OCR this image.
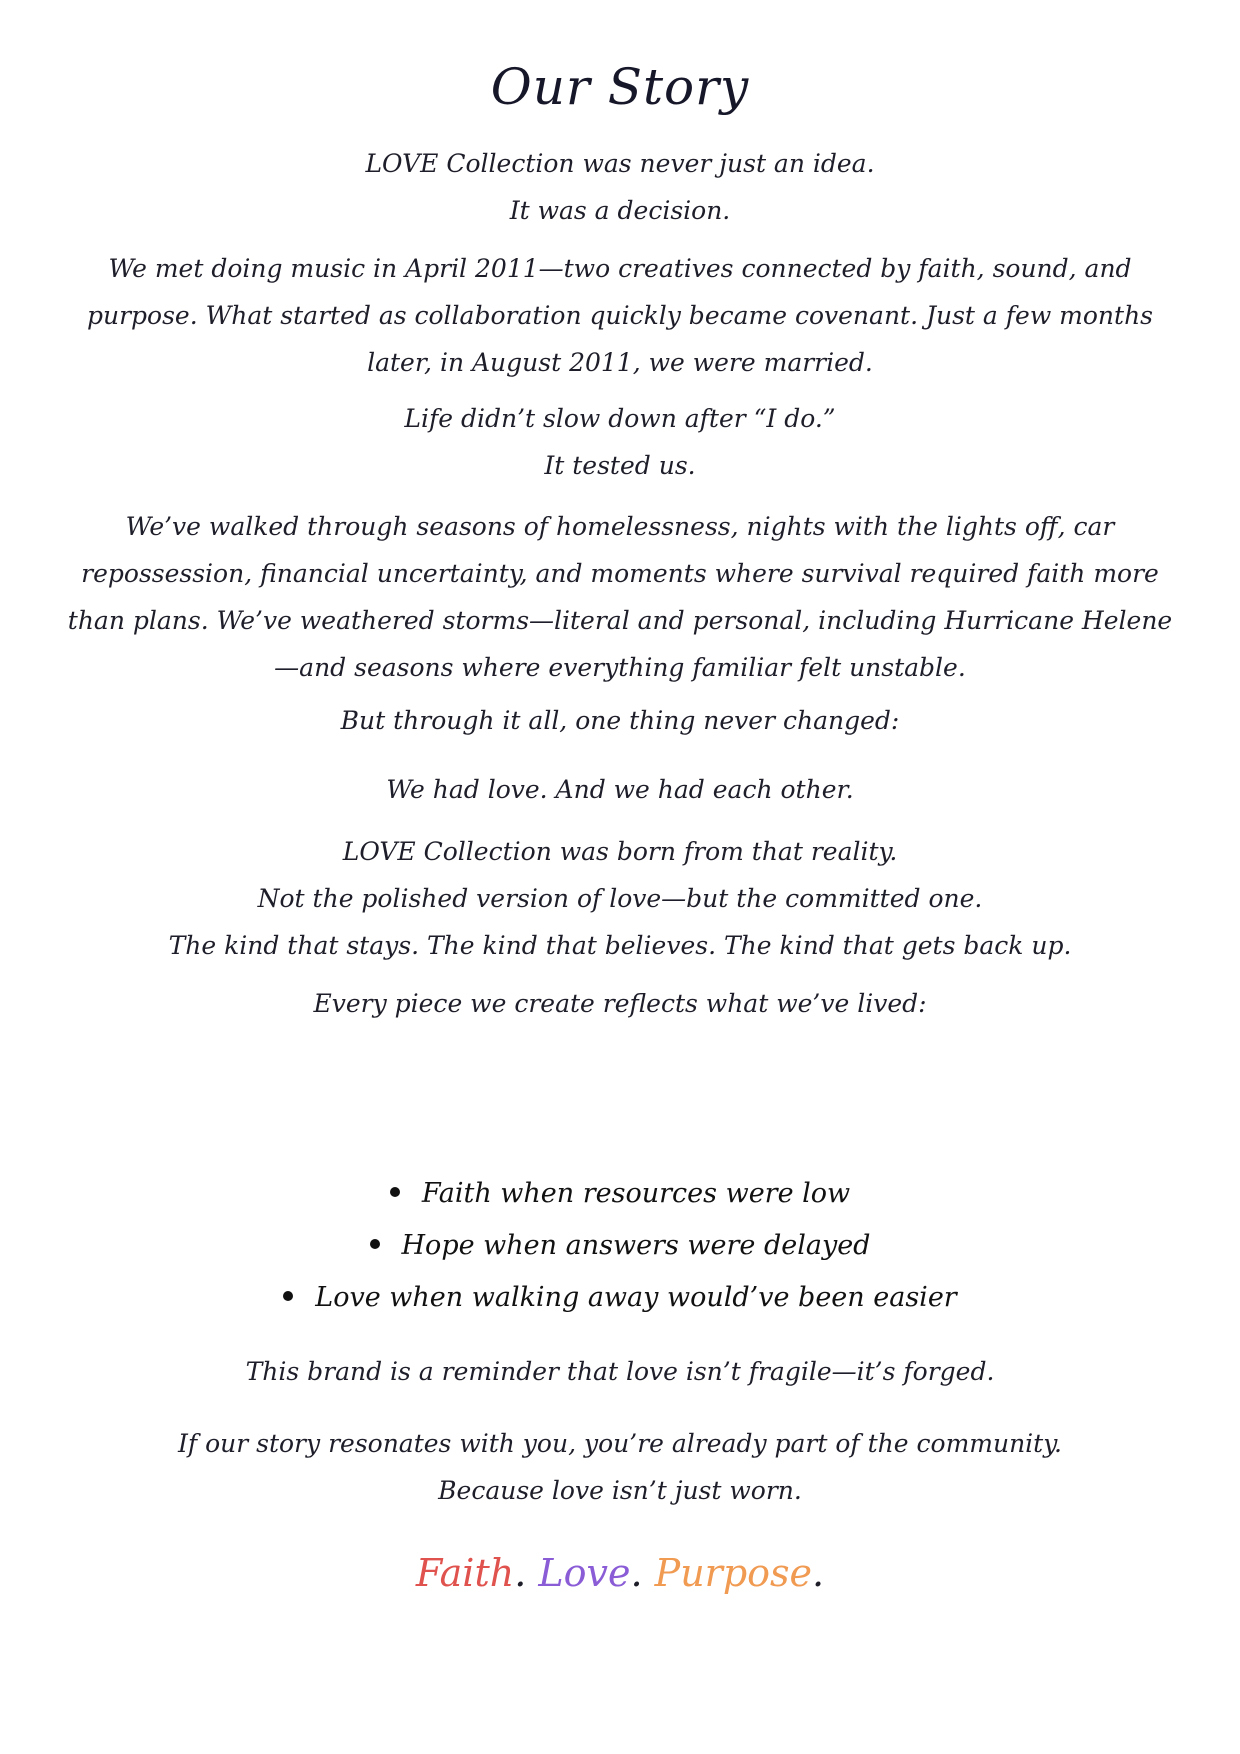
Our Story

LOVE Collection was never just an idea.

It was a decision.

We met doing music in April 2011—two creatives connected by faith, sound, and purpose. What started as collaboration quickly became covenant. Just a few months later, in August 2011, we were married.

Life didn’t slow down after “I do.”

It tested us.

We’ve walked through seasons of homelessness, nights with the lights off, car repossession, financial uncertainty, and moments where survival required faith more than plans. We’ve weathered storms—literal and personal, including Hurricane Helene—and seasons where everything familiar felt unstable.

But through it all, one thing never changed:

We had love. And we had each other.

LOVE Collection was born from that reality.

Not the polished version of love—but the committed one.

The kind that stays. The kind that believes. The kind that gets back up.

Every piece we create reflects what we’ve lived:

Faith when resources were low
Hope when answers were delayed
Love when walking away would’ve been easier

This brand is a reminder that love isn’t fragile—it’s forged.

If our story resonates with you, you’re already part of the community.

Because love isn’t just worn.

Faith. Love. Purpose.
